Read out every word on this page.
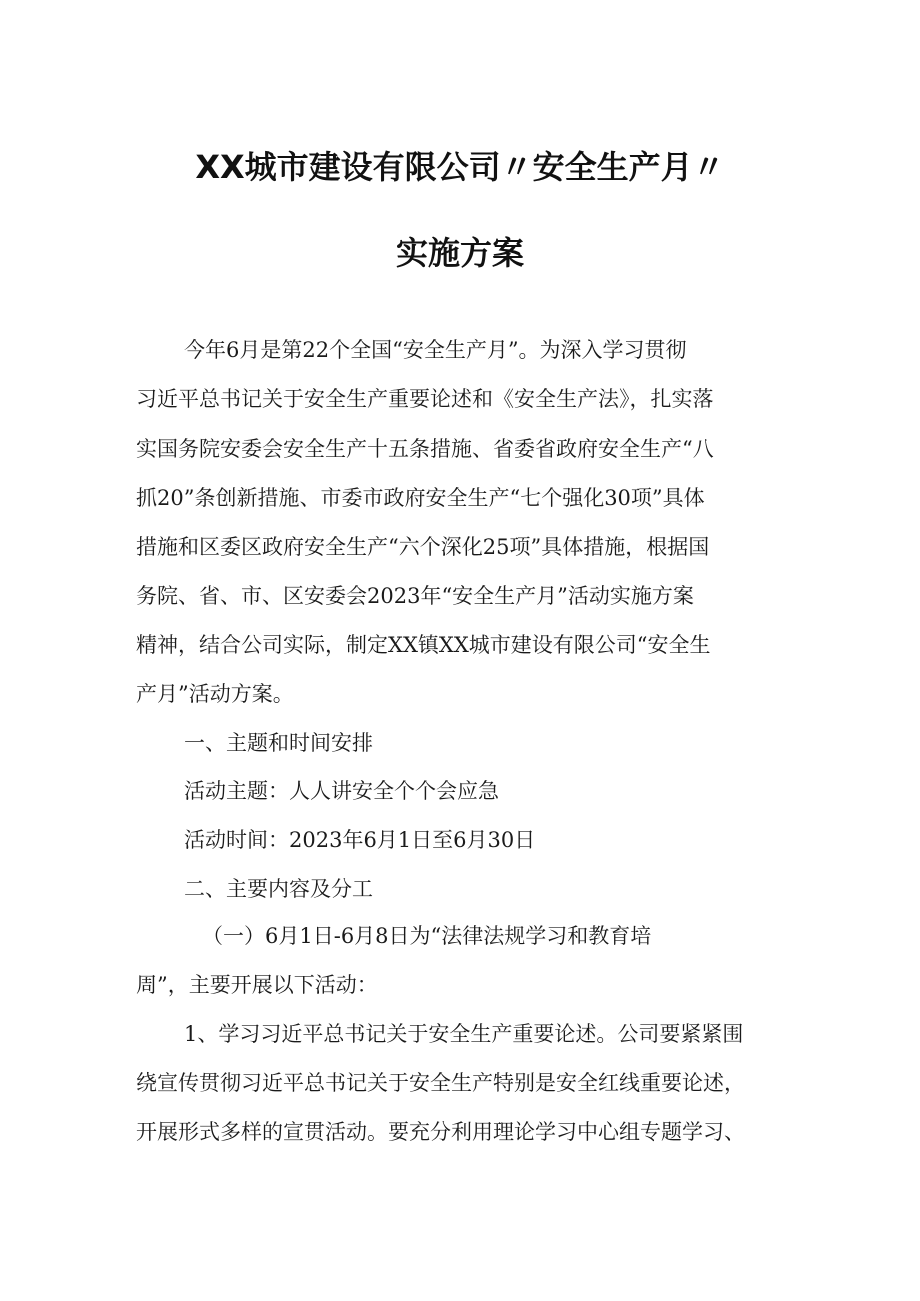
XX城市建设有限公司〃安全生产月〃
实施方案
今年6月是第22个全国“安全生产月”。为深入学习贯彻
习近平总书记关于安全生产重要论述和《安全生产法》，扎实落
实国务院安委会安全生产十五条措施、省委省政府安全生产“八
抓20”条创新措施、市委市政府安全生产“七个强化30项”具体
措施和区委区政府安全生产“六个深化25项”具体措施，根据国
务院、省、市、区安委会2023年“安全生产月”活动实施方案
精神，结合公司实际，制定XX镇XX城市建设有限公司“安全生
产月”活动方案。
一、主题和时间安排
活动主题：人人讲安全个个会应急
活动时间：2023年6月1日至6月30日
二、主要内容及分工
（一）6月1日-6月8日为“法律法规学习和教育培
周”，主要开展以下活动：
1、学习习近平总书记关于安全生产重要论述。公司要紧紧围
绕宣传贯彻习近平总书记关于安全生产特别是安全红线重要论述，
开展形式多样的宣贯活动。要充分利用理论学习中心组专题学习、
